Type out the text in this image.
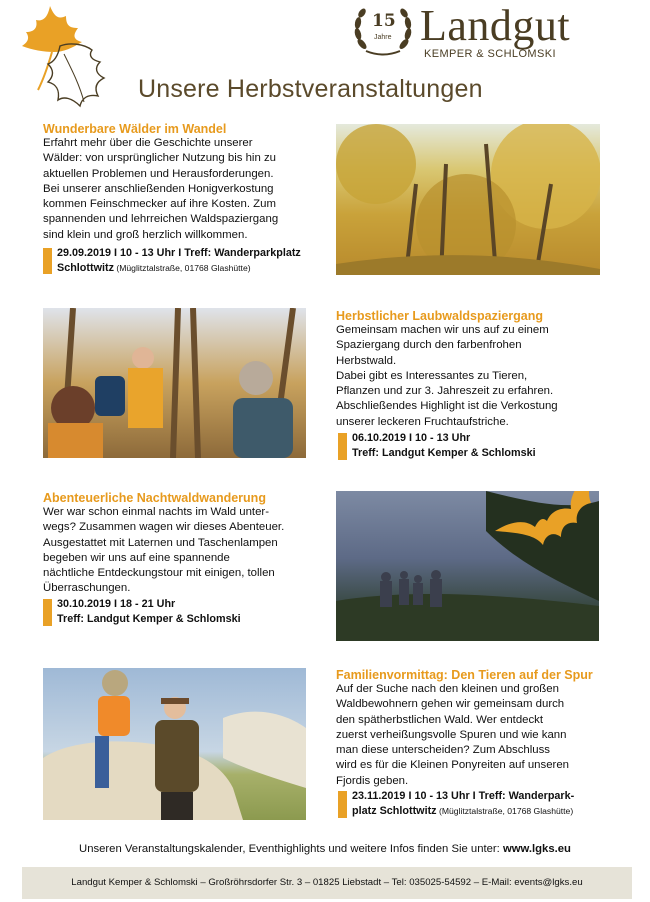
15
Jahre Landgut
KEMPER & SCHLOMSKI
Unsere Herbstveranstaltungen
Wunderbare Wälder im Wandel

Erfahrt mehr über die Geschichte unserer

Wälder: von ursprünglicher Nutzung bis hin zu

aktuellen Problemen und Herausforderungen.

Bei unserer anschließenden Honigverkostung

kommen Feinschmecker auf ihre Kosten. Zum

spannenden und lehrreichen Waldspaziergang

sind klein und groß herzlich willkommen.

29.09.2019 I 10 - 13 Uhr I Treff: Wanderparkplatz
Schlottwitz (Müglitztalstraße, 01768 Glashütte)
Herbstlicher Laubwaldspaziergang

Gemeinsam machen wir uns auf zu einem

Spaziergang durch den farbenfrohen

Herbstwald.

Dabei gibt es Interessantes zu Tieren,

Pflanzen und zur 3. Jahreszeit zu erfahren.

Abschließendes Highlight ist die Verkostung

unserer leckeren Fruchtaufstriche.

06.10.2019 I 10 - 13 Uhr
Treff: Landgut Kemper & Schlomski
Abenteuerliche Nachtwaldwanderung

Wer war schon einmal nachts im Wald unter-

wegs? Zusammen wagen wir dieses Abenteuer.

Ausgestattet mit Laternen und Taschenlampen

begeben wir uns auf eine spannende

nächtliche Entdeckungstour mit einigen, tollen

Überraschungen.

30.10.2019 I 18 - 21 Uhr
Treff: Landgut Kemper & Schlomski
Familienvormittag: Den Tieren auf der Spur

Auf der Suche nach den kleinen und großen

Waldbewohnern gehen wir gemeinsam durch

den spätherbstlichen Wald. Wer entdeckt

zuerst verheißungsvolle Spuren und wie kann

man diese unterscheiden? Zum Abschluss

wird es für die Kleinen Ponyreiten auf unseren

Fjordis geben.

23.11.2019 I 10 - 13 Uhr I Treff: Wanderpark-
platz Schlottwitz (Müglitztalstraße, 01768 Glashütte)
Unseren Veranstaltungskalender, Eventhighlights und weitere Infos finden Sie unter: www.lgks.eu
Landgut Kemper & Schlomski – Großröhrsdorfer Str. 3 – 01825 Liebstadt – Tel: 035025-54592 – E-Mail: events@lgks.eu
